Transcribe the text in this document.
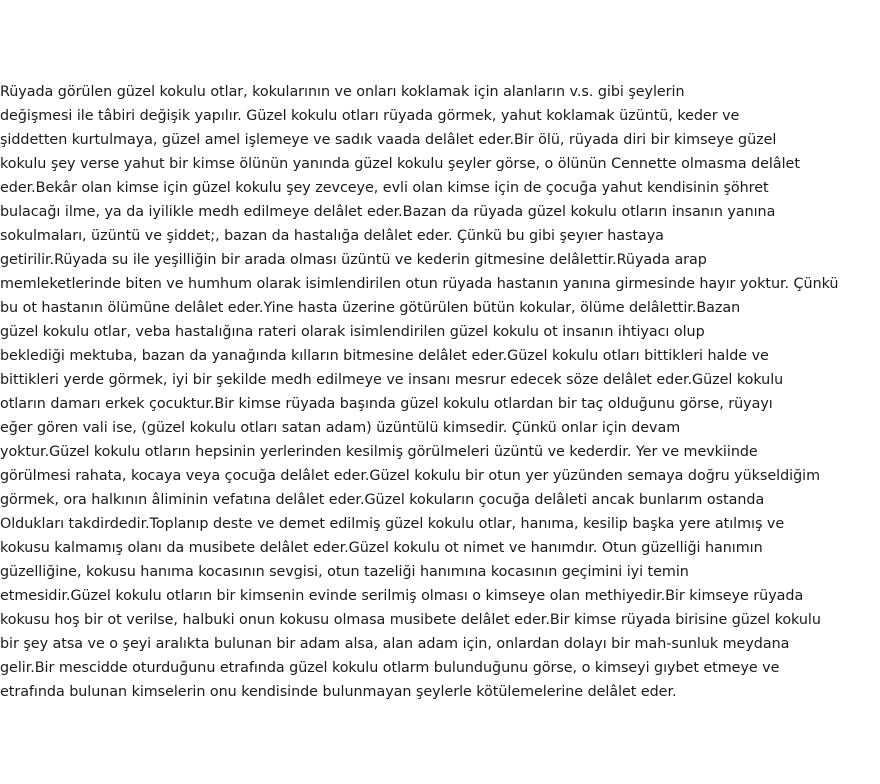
Rüyada görülen güzel kokulu otlar, kokularının ve onları koklamak için alanların v.s. gibi şeylerin
değişmesi ile tâbiri değişik yapılır. Güzel kokulu otları rüyada görmek, yahut koklamak üzüntü, keder ve
şiddetten kurtulmaya, güzel amel işlemeye ve sadık vaada delâlet eder.Bir ölü, rüyada diri bir kimseye güzel
kokulu şey verse yahut bir kimse ölünün yanında güzel kokulu şeyler görse, o ölünün Cennette olmasma delâlet
eder.Bekâr olan kimse için güzel kokulu şey zevceye, evli olan kimse için de çocuğa yahut kendisinin şöhret
bulacağı ilme, ya da iyilikle medh edilmeye delâlet eder.Bazan da rüyada güzel kokulu otların insanın yanına
sokulmaları, üzüntü ve şiddet;, bazan da hastalığa delâlet eder. Çünkü bu gibi şeyıer hastaya
getirilir.Rüyada su ile yeşilliğin bir arada olması üzüntü ve kederin gitmesine delâlettir.Rüyada arap
memleketlerinde biten ve humhum olarak isimlendirilen otun rüyada hastanın yanına girmesinde hayır yoktur. Çünkü
bu ot hastanın ölümüne delâlet eder.Yine hasta üzerine götürülen bütün kokular, ölüme delâlettir.Bazan
güzel kokulu otlar, veba hastalığına rateri olarak isimlendirilen güzel kokulu ot insanın ihtiyacı olup
beklediği mektuba, bazan da yanağında kılların bitmesine delâlet eder.Güzel kokulu otları bittikleri halde ve
bittikleri yerde görmek, iyi bir şekilde medh edilmeye ve insanı mesrur edecek söze delâlet eder.Güzel kokulu
otların damarı erkek çocuktur.Bir kimse rüyada başında güzel kokulu otlardan bir taç olduğunu görse, rüyayı
eğer gören vali ise, (güzel kokulu otları satan adam) üzüntülü kimsedir. Çünkü onlar için devam
yoktur.Güzel kokulu otların hepsinin yerlerinden kesilmiş görülmeleri üzüntü ve kederdir. Yer ve mevkiinde
görülmesi rahata, kocaya veya çocuğa delâlet eder.Güzel kokulu bir otun yer yüzünden semaya doğru yükseldiğim
görmek, ora halkının âliminin vefatına delâlet eder.Güzel kokuların çocuğa delâleti ancak bunlarım ostanda
Oldukları takdirdedir.Toplanıp deste ve demet edilmiş güzel kokulu otlar, hanıma, kesilip başka yere atılmış ve
kokusu kalmamış olanı da musibete delâlet eder.Güzel kokulu ot nimet ve hanımdır. Otun güzelliği hanımın
güzelliğine, kokusu hanıma kocasının sevgisi, otun tazeliği hanımına kocasının geçimini iyi temin
etmesidir.Güzel kokulu otların bir kimsenin evinde serilmiş olması o kimseye olan methiyedir.Bir kimseye rüyada
kokusu hoş bir ot verilse, halbuki onun kokusu olmasa musibete delâlet eder.Bir kimse rüyada birisine güzel kokulu
bir şey atsa ve o şeyi aralıkta bulunan bir adam alsa, alan adam için, onlardan dolayı bir mah-sunluk meydana
gelir.Bir mescidde oturduğunu etrafında güzel kokulu otlarm bulunduğunu görse, o kimseyi gıybet etmeye ve
etrafında bulunan kimselerin onu kendisinde bulunmayan şeylerle kötülemelerine delâlet eder.
